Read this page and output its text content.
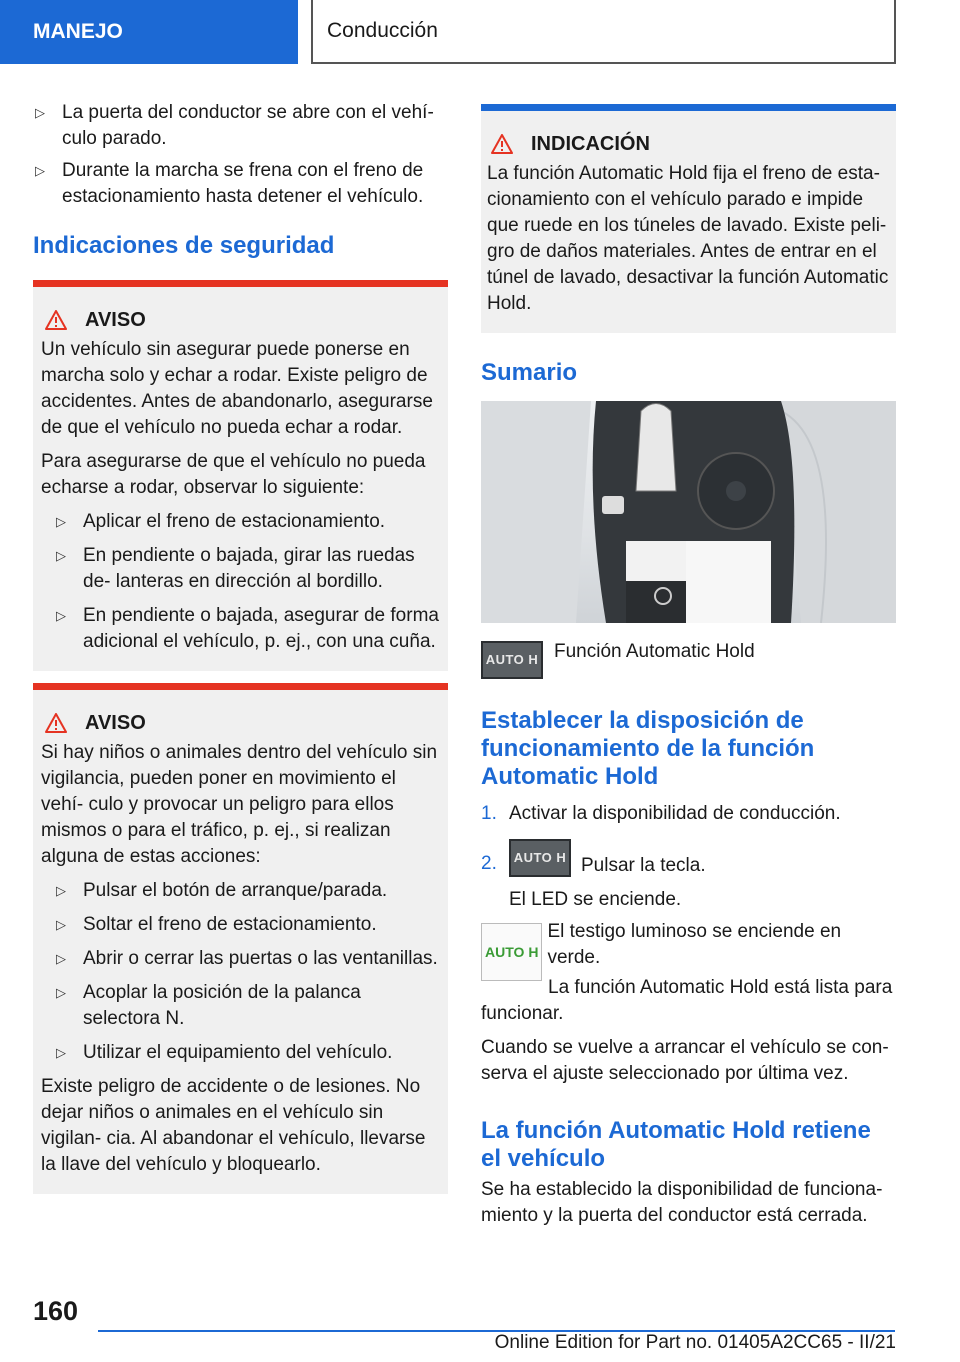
MANEJO	Conducción
▷ La puerta del conductor se abre con el vehí- culo parado.
▷ Durante la marcha se frena con el freno de estacionamiento hasta detener el vehículo.
Indicaciones de seguridad
AVISO

Un vehículo sin asegurar puede ponerse en marcha solo y echar a rodar. Existe peligro de accidentes. Antes de abandonarlo, asegurarse de que el vehículo no pueda echar a rodar.

Para asegurarse de que el vehículo no pueda echarse a rodar, observar lo siguiente:

▷ Aplicar el freno de estacionamiento.
▷ En pendiente o bajada, girar las ruedas de- lanteras en dirección al bordillo.
▷ En pendiente o bajada, asegurar de forma adicional el vehículo, p. ej., con una cuña.
AVISO

Si hay niños o animales dentro del vehículo sin vigilancia, pueden poner en movimiento el vehí- culo y provocar un peligro para ellos mismos o para el tráfico, p. ej., si realizan alguna de estas acciones:

▷ Pulsar el botón de arranque/parada.
▷ Soltar el freno de estacionamiento.
▷ Abrir o cerrar las puertas o las ventanillas.
▷ Acoplar la posición de la palanca selectora N.
▷ Utilizar el equipamiento del vehículo.

Existe peligro de accidente o de lesiones. No dejar niños o animales en el vehículo sin vigilan- cia. Al abandonar el vehículo, llevarse la llave del vehículo y bloquearlo.

INDICACIÓN

La función Automatic Hold fija el freno de esta- cionamiento con el vehículo parado e impide que ruede en los túneles de lavado. Existe peli- gro de daños materiales. Antes de entrar en el túnel de lavado, desactivar la función Automatic Hold.

Sumario
AUTO H Función Automatic Hold
Establecer la disposición de funcionamiento de la función Automatic Hold
1. Activar la disponibilidad de conducción.
2.	AUTO H Pulsar la tecla.

El LED se enciende.

AUTO H

El testigo luminoso se enciende en verde.

La función Automatic Hold está lista para funcionar.

Cuando se vuelve a arrancar el vehículo se con- serva el ajuste seleccionado por última vez.

La función Automatic Hold retiene el vehículo

Se ha establecido la disponibilidad de funciona- miento y la puerta del conductor está cerrada.

160
Online Edition for Part no. 01405A2CC65 - II/21
